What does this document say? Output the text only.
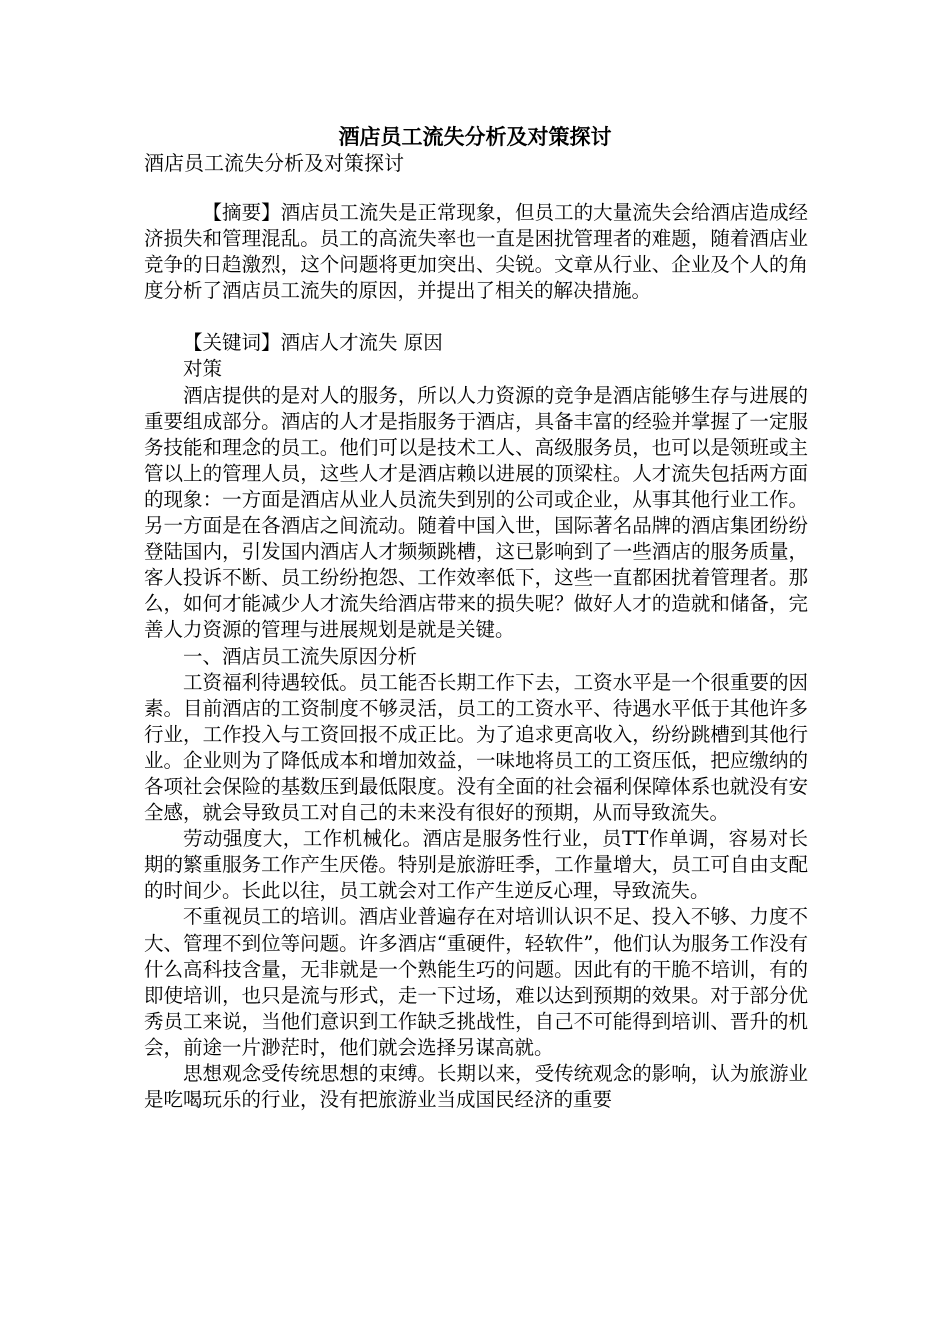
酒店员工流失分析及对策探讨
酒店员工流失分析及对策探讨

【摘要】酒店员工流失是正常现象，但员工的大量流失会给酒店造成经济损失和管理混乱。员工的高流失率也一直是困扰管理者的难题，随着酒店业竞争的日趋激烈，这个问题将更加突出、尖锐。文章从行业、企业及个人的角度分析了酒店员工流失的原因，并提出了相关的解决措施。

【关键词】酒店人才流失 原因

对策

酒店提供的是对人的服务，所以人力资源的竞争是酒店能够生存与进展的重要组成部分。酒店的人才是指服务于酒店，具备丰富的经验并掌握了一定服务技能和理念的员工。他们可以是技术工人、高级服务员，也可以是领班或主管以上的管理人员，这些人才是酒店赖以进展的顶梁柱。人才流失包括两方面的现象：一方面是酒店从业人员流失到别的公司或企业，从事其他行业工作。另一方面是在各酒店之间流动。随着中国入世，国际著名品牌的酒店集团纷纷登陆国内，引发国内酒店人才频频跳槽，这已影响到了一些酒店的服务质量，客人投诉不断、员工纷纷抱怨、工作效率低下，这些一直都困扰着管理者。那么，如何才能减少人才流失给酒店带来的损失呢？做好人才的造就和储备，完善人力资源的管理与进展规划是就是关键。

一、酒店员工流失原因分析

工资福利待遇较低。员工能否长期工作下去，工资水平是一个很重要的因素。目前酒店的工资制度不够灵活，员工的工资水平、待遇水平低于其他许多行业，工作投入与工资回报不成正比。为了追求更高收入，纷纷跳槽到其他行业。企业则为了降低成本和增加效益，一味地将员工的工资压低，把应缴纳的各项社会保险的基数压到最低限度。没有全面的社会福利保障体系也就没有安全感，就会导致员工对自己的未来没有很好的预期，从而导致流失。

劳动强度大，工作机械化。酒店是服务性行业，员TT作单调，容易对长期的繁重服务工作产生厌倦。特别是旅游旺季，工作量增大，员工可自由支配的时间少。长此以往，员工就会对工作产生逆反心理，导致流失。

不重视员工的培训。酒店业普遍存在对培训认识不足、投入不够、力度不大、管理不到位等问题。许多酒店“重硬件，轻软件”，他们认为服务工作没有什么高科技含量，无非就是一个熟能生巧的问题。因此有的干脆不培训，有的即使培训，也只是流与形式，走一下过场，难以达到预期的效果。对于部分优秀员工来说，当他们意识到工作缺乏挑战性，自己不可能得到培训、晋升的机会，前途一片渺茫时，他们就会选择另谋高就。

思想观念受传统思想的束缚。长期以来，受传统观念的影响，认为旅游业是吃喝玩乐的行业，没有把旅游业当成国民经济的重要
